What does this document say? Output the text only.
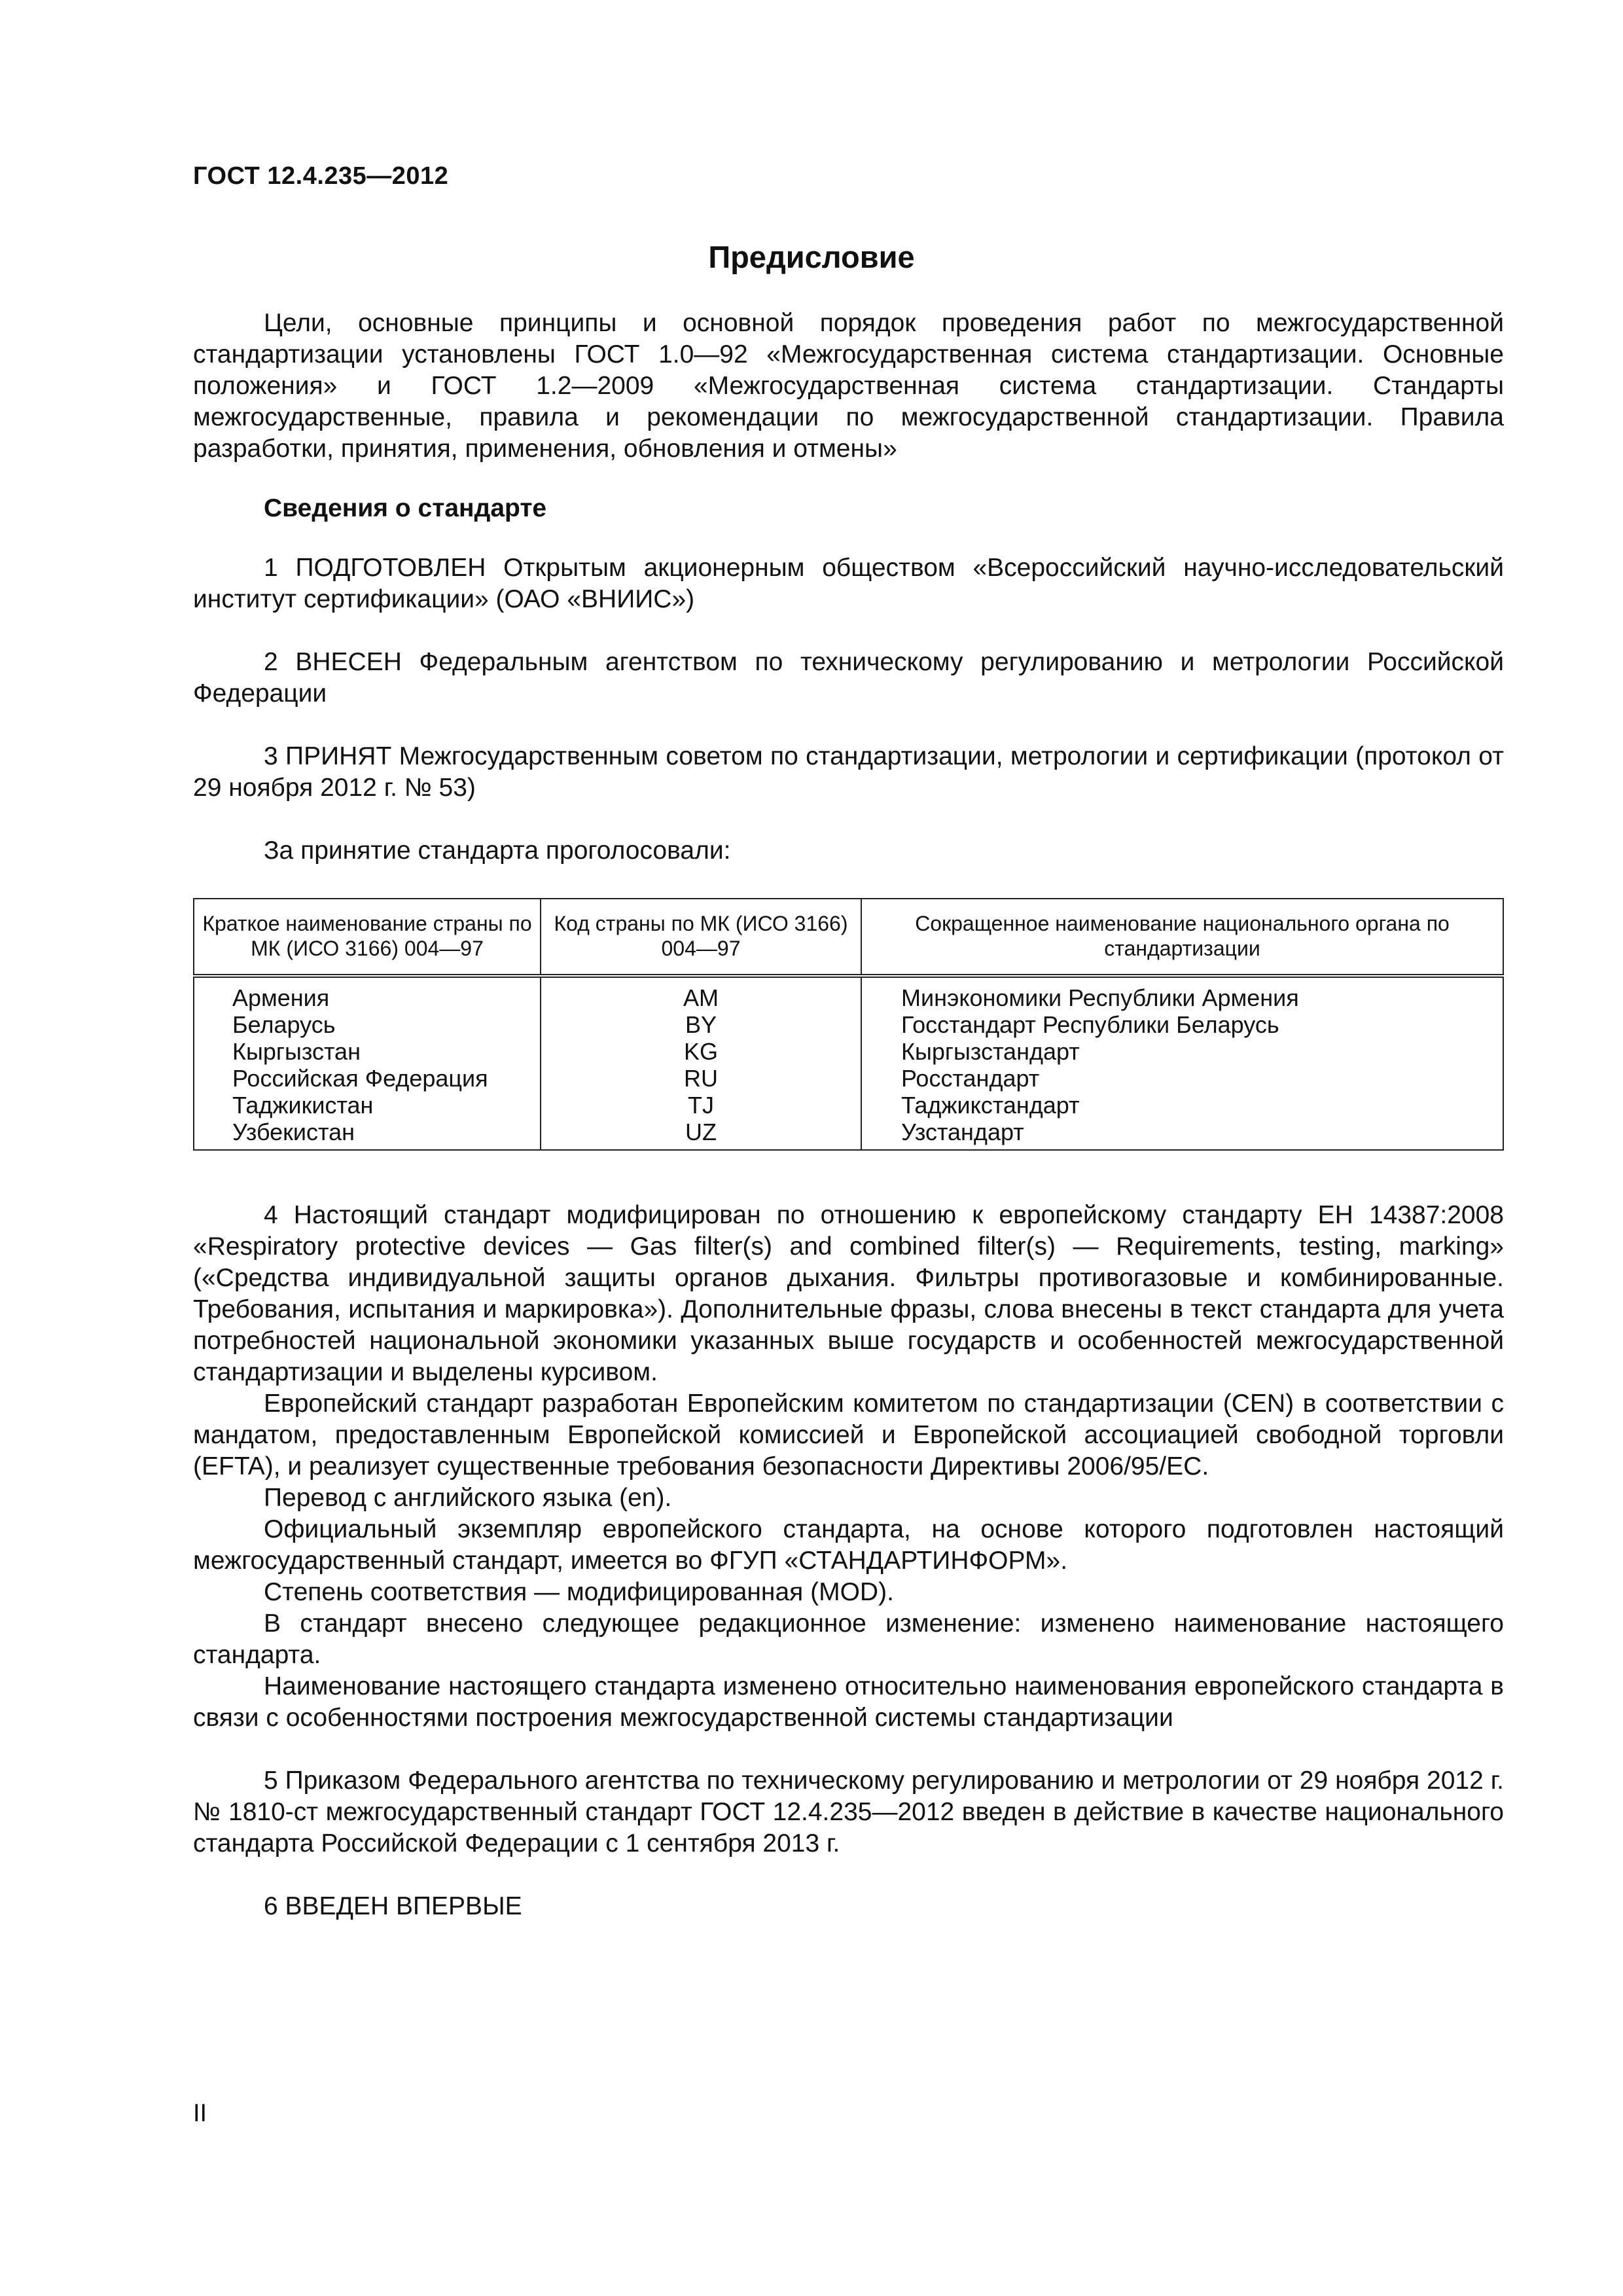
ГОСТ 12.4.235—2012
Предисловие

Цели, основные принципы и основной порядок проведения работ по межгосударственной стандартизации установлены ГОСТ 1.0—92 «Межгосударственная система стандартизации. Основные положения» и ГОСТ 1.2—2009 «Межгосударственная система стандартизации. Стандарты межгосударственные, правила и рекомендации по межгосударственной стандартизации. Правила разработки, принятия, применения, обновления и отмены»

Сведения о стандарте

1 ПОДГОТОВЛЕН Открытым акционерным обществом «Всероссийский научно-исследовательский институт сертификации» (ОАО «ВНИИС»)

2 ВНЕСЕН Федеральным агентством по техническому регулированию и метрологии Российской Федерации

3 ПРИНЯТ Межгосударственным советом по стандартизации, метрологии и сертификации (протокол от 29 ноября 2012 г. № 53)

За принятие стандарта проголосовали:

Краткое наименование страны по МК (ИСО 3166) 004—97	Код страны по МК (ИСО 3166) 004—97	Сокращенное наименование национального органа по стандартизации
Армения	AM	Минэкономики Республики Армения
Беларусь	BY	Госстандарт Республики Беларусь
Кыргызстан	KG	Кыргызстандарт
Российская Федерация	RU	Росстандарт
Таджикистан	TJ	Таджикстандарт
Узбекистан	UZ	Узстандарт

4 Настоящий стандарт модифицирован по отношению к европейскому стандарту ЕН 14387:2008 «Respiratory protective devices — Gas filter(s) and combined filter(s) — Requirements, testing, marking» («Средства индивидуальной защиты органов дыхания. Фильтры противогазовые и комбинированные. Требования, испытания и маркировка»). Дополнительные фразы, слова внесены в текст стандарта для учета потребностей национальной экономики указанных выше государств и особенностей межгосударственной стандартизации и выделены курсивом.

Европейский стандарт разработан Европейским комитетом по стандартизации (CEN) в соответствии с мандатом, предоставленным Европейской комиссией и Европейской ассоциацией свободной торговли (EFTA), и реализует существенные требования безопасности Директивы 2006/95/ЕС.

Перевод с английского языка (en).

Официальный экземпляр европейского стандарта, на основе которого подготовлен настоящий межгосударственный стандарт, имеется во ФГУП «СТАНДАРТИНФОРМ».

Степень соответствия — модифицированная (MOD).

В стандарт внесено следующее редакционное изменение: изменено наименование настоящего стандарта.

Наименование настоящего стандарта изменено относительно наименования европейского стандарта в связи с особенностями построения межгосударственной системы стандартизации

5 Приказом Федерального агентства по техническому регулированию и метрологии от 29 ноября 2012 г. № 1810-ст межгосударственный стандарт ГОСТ 12.4.235—2012 введен в действие в качестве национального стандарта Российской Федерации с 1 сентября 2013 г.

6 ВВЕДЕН ВПЕРВЫЕ

II
